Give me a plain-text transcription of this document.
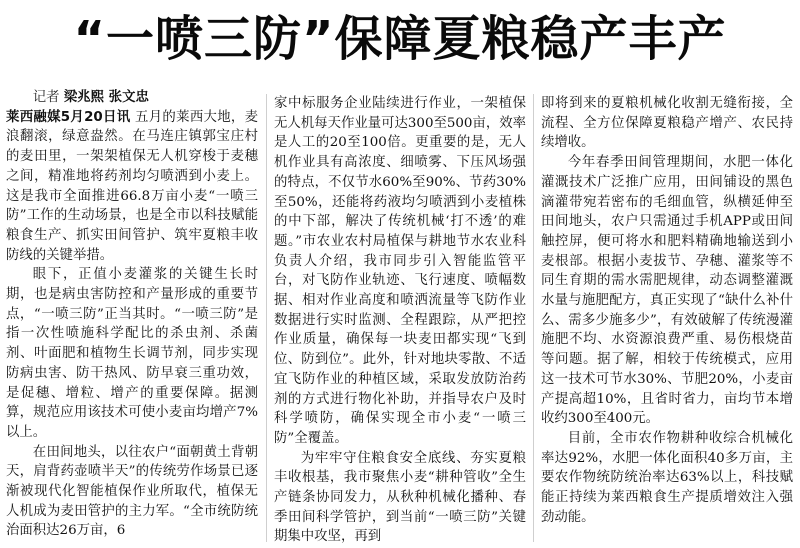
“一喷三防”保障夏粮稳产丰产

记者 梁兆熙 张文忠

莱西融媒5月20日讯 五月的莱西大地，麦浪翻滚，绿意盎然。在马连庄镇郭宝庄村的麦田里，一架架植保无人机穿梭于麦穗之间，精准地将药剂均匀喷洒到小麦上。这是我市全面推进66.8万亩小麦“一喷三防”工作的生动场景，也是全市以科技赋能粮食生产、抓实田间管护、筑牢夏粮丰收防线的关键举措。

眼下，正值小麦灌浆的关键生长时期，也是病虫害防控和产量形成的重要节点，“一喷三防”正当其时。“一喷三防”是指一次性喷施科学配比的杀虫剂、杀菌剂、叶面肥和植物生长调节剂，同步实现防病虫害、防干热风、防早衰三重功效，是促穗、增粒、增产的重要保障。据测算，规范应用该技术可使小麦亩均增产7%以上。

在田间地头，以往农户“面朝黄土背朝天，肩背药壶喷半天”的传统劳作场景已逐渐被现代化智能植保作业所取代，植保无人机成为麦田管护的主力军。“全市统防统治面积达26万亩，6

家中标服务企业陆续进行作业，一架植保无人机每天作业量可达300至500亩，效率是人工的20至100倍。更重要的是，无人机作业具有高浓度、细喷雾、下压风场强的特点，不仅节水60%至90%、节药30%至50%，还能将药液均匀喷洒到小麦植株的中下部，解决了传统机械‘打不透’的难题。”市农业农村局植保与耕地节水农业科负责人介绍，我市同步引入智能监管平台，对飞防作业轨迹、飞行速度、喷幅数据、相对作业高度和喷洒流量等飞防作业数据进行实时监测、全程跟踪，从严把控作业质量，确保每一块麦田都实现“飞到位、防到位”。此外，针对地块零散、不适宜飞防作业的种植区域，采取发放防治药剂的方式进行物化补助，并指导农户及时科学喷防，确保实现全市小麦“一喷三防”全覆盖。

为牢牢守住粮食安全底线、夯实夏粮丰收根基，我市聚焦小麦“耕种管收”全生产链条协同发力，从秋种机械化播种、春季田间科学管护，到当前“一喷三防”关键期集中攻坚，再到

即将到来的夏粮机械化收割无缝衔接，全流程、全方位保障夏粮稳产增产、农民持续增收。

今年春季田间管理期间，水肥一体化灌溉技术广泛推广应用，田间铺设的黑色滴灌带宛若密布的毛细血管，纵横延伸至田间地头，农户只需通过手机APP或田间触控屏，便可将水和肥料精确地输送到小麦根部。根据小麦拔节、孕穗、灌浆等不同生育期的需水需肥规律，动态调整灌溉水量与施肥配方，真正实现了“缺什么补什么、需多少施多少”，有效破解了传统漫灌施肥不均、水资源浪费严重、易伤根烧苗等问题。据了解，相较于传统模式，应用这一技术可节水30%、节肥20%，小麦亩产提高超10%，且省时省力，亩均节本增收约300至400元。

目前，全市农作物耕种收综合机械化率达92%，水肥一体化面积40多万亩，主要农作物统防统治率达63%以上，科技赋能正持续为莱西粮食生产提质增效注入强劲动能。
